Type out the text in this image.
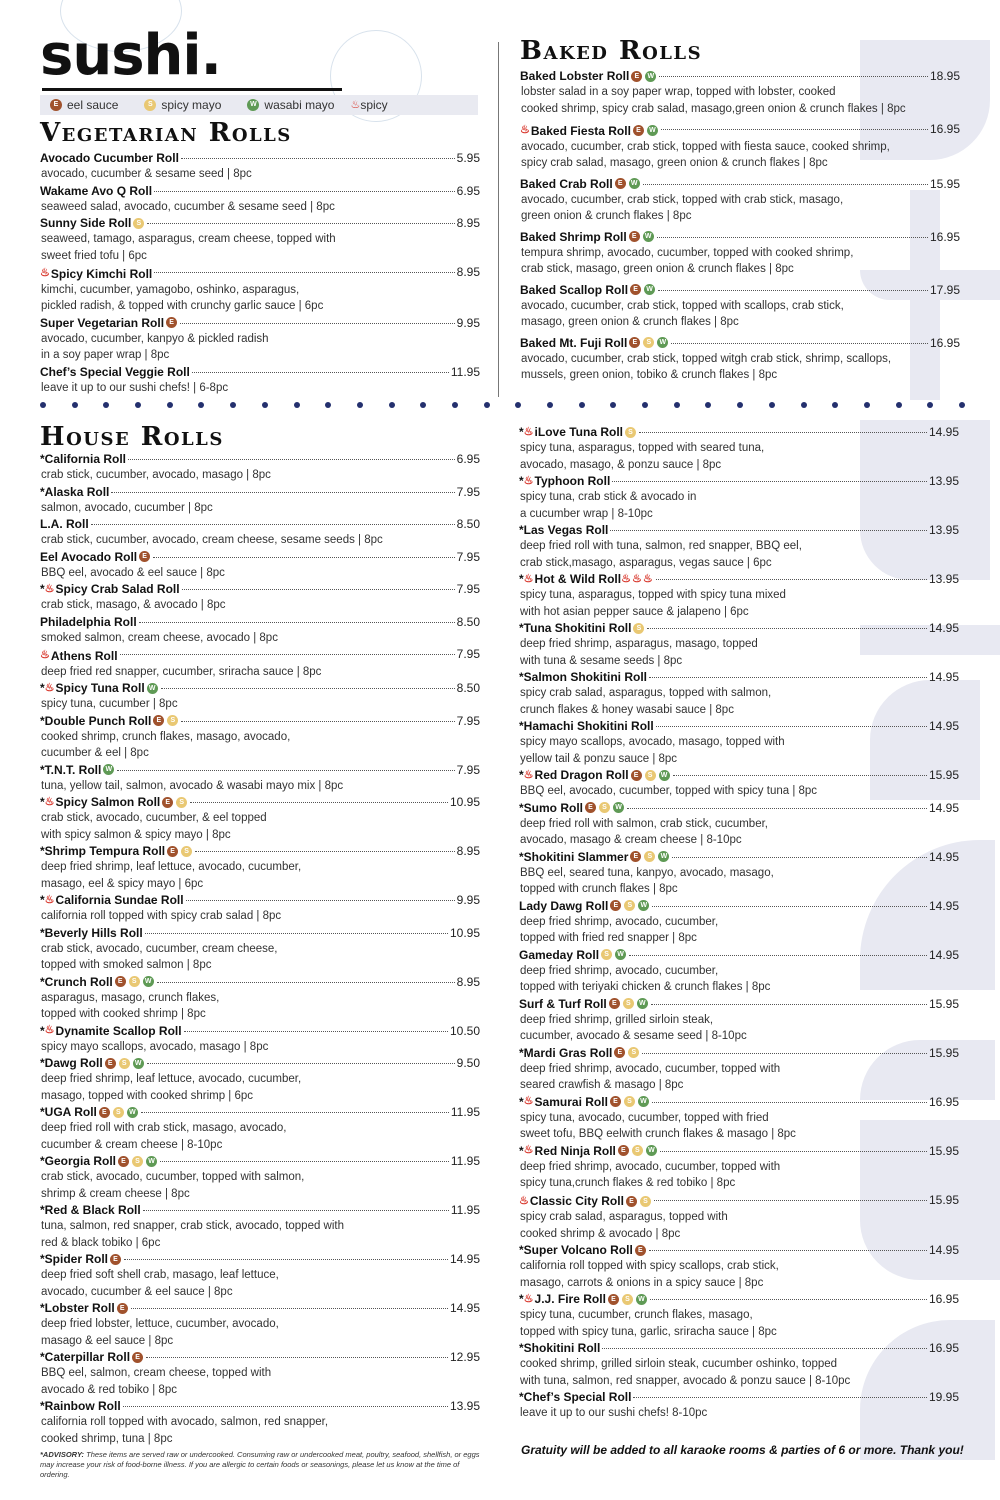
sushi.
E eel sauce	S spicy mayo	W wasabi mayo ♨ spicy
Vegetarian Rolls
Avocado Cucumber Roll	5.95
avocado, cucumber & sesame seed | 8pc
Wakame Avo Q Roll	6.95
seaweed salad, avocado, cucumber & sesame seed | 8pc
Sunny Side Roll S	8.95
seaweed, tamago, asparagus, cream cheese, topped with
sweet fried tofu | 6pc
♨ Spicy Kimchi Roll	8.95
kimchi, cucumber, yamagobo, oshinko, asparagus,
pickled radish, & topped with crunchy garlic sauce | 6pc
Super Vegetarian Roll E	9.95
avocado, cucumber, kanpyo & pickled radish
in a soy paper wrap | 8pc
Chef’s Special Veggie Roll	11.95
leave it up to our sushi chefs! | 6-8pc
Baked Rolls
Baked Lobster Roll E	W	18.95
lobster salad in a soy paper wrap, topped with lobster, cooked
cooked shrimp, spicy crab salad, masago,green onion & crunch flakes | 8pc
♨ Baked Fiesta Roll E	W	16.95
avocado, cucumber, crab stick, topped with fiesta sauce, cooked shrimp,
spicy crab salad, masago, green onion & crunch flakes | 8pc
Baked Crab Roll E	W	15.95
avocado, cucumber, crab stick, topped with crab stick, masago,
green onion & crunch flakes | 8pc
Baked Shrimp Roll E	W	16.95
tempura shrimp, avocado, cucumber, topped with cooked shrimp,
crab stick, masago, green onion & crunch flakes | 8pc
Baked Scallop Roll E	W	17.95
avocado, cucumber, crab stick, topped with scallops, crab stick,
masago, green onion & crunch flakes | 8pc
Baked Mt. Fuji Roll E	S	W	16.95
avocado, cucumber, crab stick, topped witgh crab stick, shrimp, scallops,
mussels, green onion, tobiko & crunch flakes | 8pc
House Rolls
* California Roll	6.95
crab stick, cucumber, avocado, masago | 8pc
* Alaska Roll	7.95
salmon, avocado, cucumber | 8pc
L.A. Roll	8.50
crab stick, cucumber, avocado, cream cheese, sesame seeds | 8pc
Eel Avocado Roll E	7.95
BBQ eel, avocado & eel sauce | 8pc
* ♨ Spicy Crab Salad Roll	7.95
crab stick, masago, & avocado | 8pc
Philadelphia Roll	8.50
smoked salmon, cream cheese, avocado | 8pc
♨ Athens Roll	7.95
deep fried red snapper, cucumber, sriracha sauce | 8pc
* ♨ Spicy Tuna Roll W	8.50
spicy tuna, cucumber | 8pc
* Double Punch Roll E	S	7.95
cooked shrimp, crunch flakes, masago, avocado,
cucumber & eel | 8pc
* T.N.T. Roll W	7.95
tuna, yellow tail, salmon, avocado & wasabi mayo mix | 8pc
* ♨ Spicy Salmon Roll E	S	10.95
crab stick, avocado, cucumber, & eel topped
with spicy salmon & spicy mayo | 8pc
* Shrimp Tempura Roll E	S	8.95
deep fried shrimp, leaf lettuce, avocado, cucumber,
masago, eel & spicy mayo | 6pc
* ♨ California Sundae Roll	9.95
california roll topped with spicy crab salad | 8pc
* Beverly Hills Roll	10.95
crab stick, avocado, cucumber, cream cheese,
topped with smoked salmon | 8pc
* Crunch Roll E	S	W	8.95
asparagus, masago, crunch flakes,
topped with cooked shrimp | 8pc
* ♨ Dynamite Scallop Roll	10.50
spicy mayo scallops, avocado, masago | 8pc
* Dawg Roll E	S	W	9.50
deep fried shrimp, leaf lettuce, avocado, cucumber,
masago, topped with cooked shrimp | 6pc
* UGA Roll E	S	W	11.95
deep fried roll with crab stick, masago, avocado,
cucumber & cream cheese | 8-10pc
* Georgia Roll E	S	W	11.95
crab stick, avocado, cucumber, topped with salmon,
shrimp & cream cheese | 8pc
* Red & Black Roll	11.95
tuna, salmon, red snapper, crab stick, avocado, topped with
red & black tobiko | 6pc
* Spider Roll E	14.95
deep fried soft shell crab, masago, leaf lettuce,
avocado, cucumber & eel sauce | 8pc
* Lobster Roll E	14.95
deep fried lobster, lettuce, cucumber, avocado,
masago & eel sauce | 8pc
* Caterpillar Roll E	12.95
BBQ eel, salmon, cream cheese, topped with
avocado & red tobiko | 8pc
* Rainbow Roll	13.95
california roll topped with avocado, salmon, red snapper,
cooked shrimp, tuna | 8pc
* ♨ iLove Tuna Roll S	14.95
spicy tuna, asparagus, topped with seared tuna,
avocado, masago, & ponzu sauce | 8pc
* ♨ Typhoon Roll	13.95
spicy tuna, crab stick & avocado in
a cucumber wrap | 8-10pc
* Las Vegas Roll	13.95
deep fried roll with tuna, salmon, red snapper, BBQ eel,
crab stick,masago, asparagus, vegas sauce | 6pc
* ♨ Hot & Wild Roll ♨ ♨ ♨	13.95
spicy tuna, asparagus, topped with spicy tuna mixed
with hot asian pepper sauce & jalapeno | 6pc
* Tuna Shokitini Roll S	14.95
deep fried shrimp, asparagus, masago, topped
with tuna & sesame seeds | 8pc
* Salmon Shokitini Roll	14.95
spicy crab salad, asparagus, topped with salmon,
crunch flakes & honey wasabi sauce | 8pc
* Hamachi Shokitini Roll	14.95
spicy mayo scallops, avocado, masago, topped with
yellow tail & ponzu sauce | 8pc
* ♨ Red Dragon Roll E	S	W	15.95
BBQ eel, avocado, cucumber, topped with spicy tuna | 8pc
* Sumo Roll E	S	W	14.95
deep fried roll with salmon, crab stick, cucumber,
avocado, masago & cream cheese | 8-10pc
* Shokitini Slammer E	S	W	14.95
BBQ eel, seared tuna, kanpyo, avocado, masago,
topped with crunch flakes | 8pc
Lady Dawg Roll E	S	W	14.95
deep fried shrimp, avocado, cucumber,
topped with fried red snapper | 8pc
Gameday Roll S	W	14.95
deep fried shrimp, avocado, cucumber,
topped with teriyaki chicken & crunch flakes | 8pc
Surf & Turf Roll E	S	W	15.95
deep fried shrimp, grilled sirloin steak,
cucumber, avocado & sesame seed | 8-10pc
* Mardi Gras Roll E	S	15.95
deep fried shrimp, avocado, cucumber, topped with
seared crawfish & masago | 8pc
* ♨ Samurai Roll E	S	W	16.95
spicy tuna, avocado, cucumber, topped with fried
sweet tofu, BBQ eelwith crunch flakes & masago | 8pc
* ♨ Red Ninja Roll E	S	W	15.95
deep fried shrimp, avocado, cucumber, topped with
spicy tuna,crunch flakes & red tobiko | 8pc
♨ Classic City Roll E	S	15.95
spicy crab salad, asparagus, topped with
cooked shrimp & avocado | 8pc
* Super Volcano Roll E	14.95
california roll topped with spicy scallops, crab stick,
masago, carrots & onions in a spicy sauce | 8pc
* ♨ J.J. Fire Roll E	S	W	16.95
spicy tuna, cucumber, crunch flakes, masago,
topped with spicy tuna, garlic, sriracha sauce | 8pc
* Shokitini Roll	16.95
cooked shrimp, grilled sirloin steak, cucumber oshinko, topped
with tuna, salmon, red snapper, avocado & ponzu sauce | 8-10pc
* Chef’s Special Roll	19.95
leave it up to our sushi chefs! 8-10pc
*ADVISORY: These items are served raw or undercooked. Consuming raw or undercooked meat, poultry, seafood, shellfish, or eggs may increase your risk of food-borne illness. If you are allergic to certain foods or seasonings, please let us know at the time of ordering.
Gratuity will be added to all karaoke rooms & parties of 6 or more. Thank you!
